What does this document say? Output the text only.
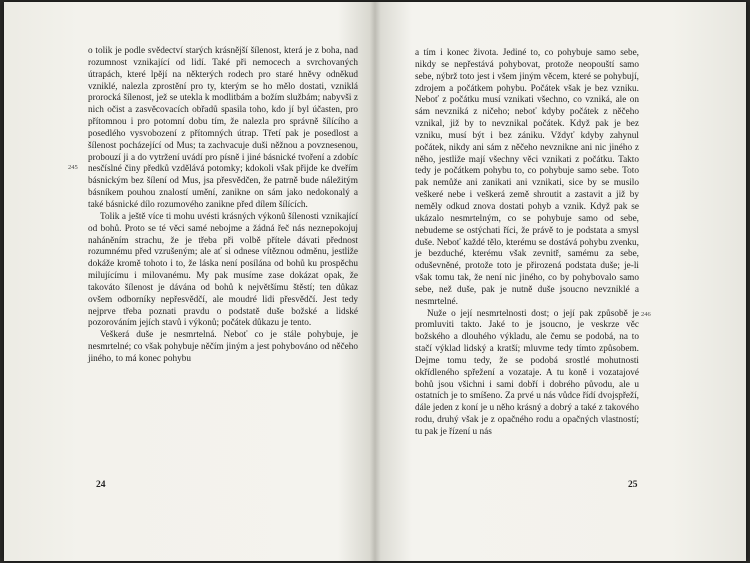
245

o tolik je podle svědectví starých krásnější šílenost, která je z boha, nad rozumnost vznikající od lidí. Také při nemocech a svrchovaných útrapách, které lpějí na některých rodech pro staré hněvy odněkud vzniklé, nalezla zprostění pro ty, kterým se ho mělo dostati, vzniklá prorocká šílenost, jež se utekla k modlitbám a božím službám; nabyvši z nich očist a zasvěcovacích obřadů spasila toho, kdo jí byl účasten, pro přítomnou i pro potomní dobu tím, že nalezla pro správně šílícího a posedlého vysvobození z přítomných útrap. Třetí pak je posedlost a šílenost pocházející od Mus; ta zachvacuje duši něžnou a povznesenou, probouzí ji a do vytržení uvádí pro písně i jiné básnické tvoření a zdobíc nesčíslné činy předků vzdělává potomky; kdokoli však přijde ke dveřím básnickým bez šílení od Mus, jsa přesvědčen, že patrně bude náležitým básníkem pouhou znalostí umění, zanikne on sám jako nedokonalý a také básnické dílo rozumového zanikne před dílem šílících.

Tolik a ještě více ti mohu uvésti krásných výkonů šílenosti vznikající od bohů. Proto se té věci samé nebojme a žádná řeč nás neznepokojuj naháněním strachu, že je třeba při volbě přítele dávati přednost rozumnému před vzrušeným; ale ať si odnese vítěznou odměnu, jestliže dokáže kromě tohoto i to, že láska není posílána od bohů ku prospěchu milujícímu i milovanému. My pak musíme zase dokázat opak, že takováto šílenost je dávána od bohů k největšímu štěstí; ten důkaz ovšem odborníky nepřesvědčí, ale moudré lidi přesvědčí. Jest tedy nejprve třeba poznati pravdu o podstatě duše božské a lidské pozorováním jejích stavů i výkonů; počátek důkazu je tento.

Veškerá duše je nesmrtelná. Neboť co je stále pohybuje, je nesmrtelné; co však pohybuje něčím jiným a jest pohybováno od něčeho jiného, to má konec pohybu

24

a tím i konec života. Jediné to, co pohybuje samo sebe, nikdy se nepřestává pohybovat, protože neopouští samo sebe, nýbrž toto jest i všem jiným věcem, které se pohybují, zdrojem a počátkem pohybu. Počátek však je bez vzniku. Neboť z počátku musí vznikati všechno, co vzniká, ale on sám nevzniká z ničeho; neboť kdyby počátek z něčeho vznikal, již by to nevznikal počátek. Když pak je bez vzniku, musí být i bez zániku. Vždyť kdyby zahynul počátek, nikdy ani sám z něčeho nevznikne ani nic jiného z něho, jestliže mají všechny věci vznikati z počátku. Takto tedy je počátkem pohybu to, co pohybuje samo sebe. Toto pak nemůže ani zanikati ani vznikati, sice by se musilo veškeré nebe i veškerá země shroutit a zastavit a již by neměly odkud znova dostati pohyb a vznik. Když pak se ukázalo nesmrtelným, co se pohybuje samo od sebe, nebudeme se ostýchati říci, že právě to je podstata a smysl duše. Neboť každé tělo, kterému se dostává pohybu zvenku, je bezduché, kterému však zevnitř, samému za sebe, oduševněné, protože toto je přirozená podstata duše; je-li však tomu tak, že není nic jiného, co by pohybovalo samo sebe, než duše, pak je nutně duše jsoucno nevzniklé a nesmrtelné.

Nuže o její nesmrtelnosti dost; o její pak způsobě je promluviti takto. Jaké to je jsoucno, je veskrze věc božského a dlouhého výkladu, ale čemu se podobá, na to stačí výklad lidský a kratší; mluvme tedy tímto způsobem. Dejme tomu tedy, že se podobá srostlé mohutnosti okřídleného spřežení a vozataje. A tu koně i vozatajové bohů jsou všichni i sami dobří i dobrého původu, ale u ostatních je to smíšeno. Za prvé u nás vůdce řídí dvojspřeží, dále jeden z koní je u něho krásný a dobrý a také z takového rodu, druhý však je z opačného rodu a opačných vlastností; tu pak je řízení u nás

246
25
